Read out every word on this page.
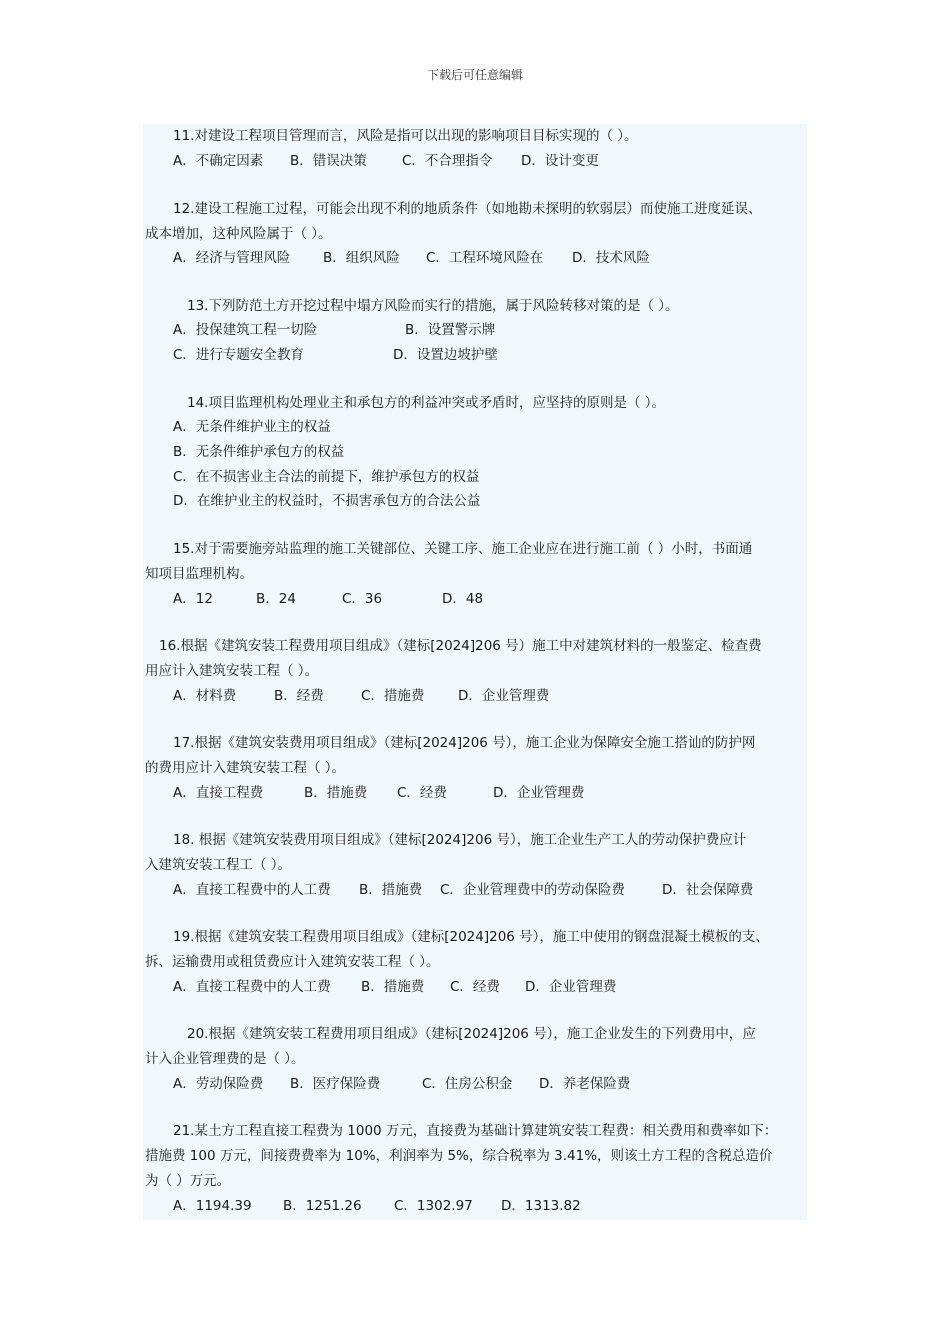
下载后可任意编辑
11.对建设工程项目管理而言，风险是指可以出现的影响项目目标实现的（ ）。
A．不确定因素 B．错误决策	C．不合理指令 D．设计变更
12.建设工程施工过程，可能会出现不利的地质条件（如地勘未探明的软弱层）而使施工进度延误、
成本增加，这种风险属于（ ）。
A．经济与管理风险 B．组织风险 C．工程环境风险在 D．技术风险
13.下列防范土方开挖过程中塌方风险而实行的措施，属于风险转移对策的是（ ）。
A．投保建筑工程一切险	B．设置警示牌
C．进行专题安全教育	D．设置边坡护壁
14.项目监理机构处理业主和承包方的利益冲突或矛盾时，应坚持的原则是（ ）。
A．无条件维护业主的权益
B．无条件维护承包方的权益
C．在不损害业主合法的前提下，维护承包方的权益
D．在维护业主的权益时，不损害承包方的合法公益
15.对于需要施旁站监理的施工关键部位、关键工序、施工企业应在进行施工前（ ）小时，书面通
知项目监理机构。
A．12	B．24	C．36	D．48
16.根据《建筑安装工程费用项目组成》（建标[2024]206 号）施工中对建筑材料的一般鉴定、检查费
用应计入建筑安装工程（ ）。
A．材料费	B．经费	C．措施费 D．企业管理费
17.根据《建筑安装费用项目组成》（建标[2024]206 号），施工企业为保障安全施工搭讪的防护网
的费用应计入建筑安装工程（ ）。
A．直接工程费	B．措施费 C．经费	D．企业管理费
18. 根据《建筑安装费用项目组成》（建标[2024]206 号），施工企业生产工人的劳动保护费应计
入建筑安装工程工（ ）。
A．直接工程费中的人工费 B．措施费 C．企业管理费中的劳动保险费	D．社会保障费
19.根据《建筑安装工程费用项目组成》（建标[2024]206 号），施工中使用的钢盘混凝土模板的支、
拆、运输费用或租赁费应计入建筑安装工程（ ）。
A．直接工程费中的人工费 B．措施费 C．经费 D．企业管理费
20.根据《建筑安装工程费用项目组成》（建标[2024]206 号），施工企业发生的下列费用中，应
计入企业管理费的是（ ）。
A．劳动保险费 B．医疗保险费	C．住房公积金 D．养老保险费
21.某土方工程直接工程费为 1000 万元，直接费为基础计算建筑安装工程费：相关费用和费率如下：
措施费 100 万元，间接费费率为 10%，利润率为 5%，综合税率为 3.41%，则该土方工程的含税总造价
为（ ）万元。
A．1194.39 B．1251.26 C．1302.97 D．1313.82
